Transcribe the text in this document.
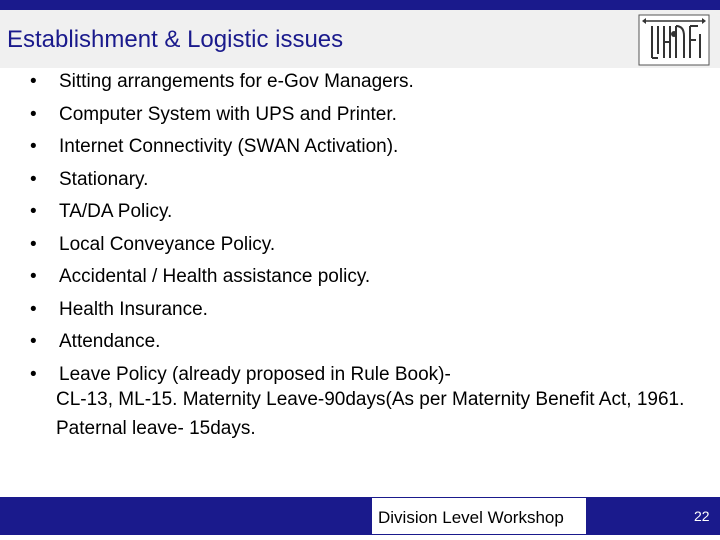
Establishment & Logistic issues
• Sitting arrangements for e-Gov Managers.
• Computer System with UPS and Printer.
• Internet Connectivity (SWAN Activation).
• Stationary.
• TA/DA Policy.
• Local Conveyance Policy.
• Accidental / Health assistance policy.
• Health Insurance.
• Attendance.
• Leave Policy (already proposed in Rule Book)-
CL-13, ML-15. Maternity Leave-90days(As per Maternity Benefit Act, 1961. Paternal leave- 15days.
Division Level Workshop	22
